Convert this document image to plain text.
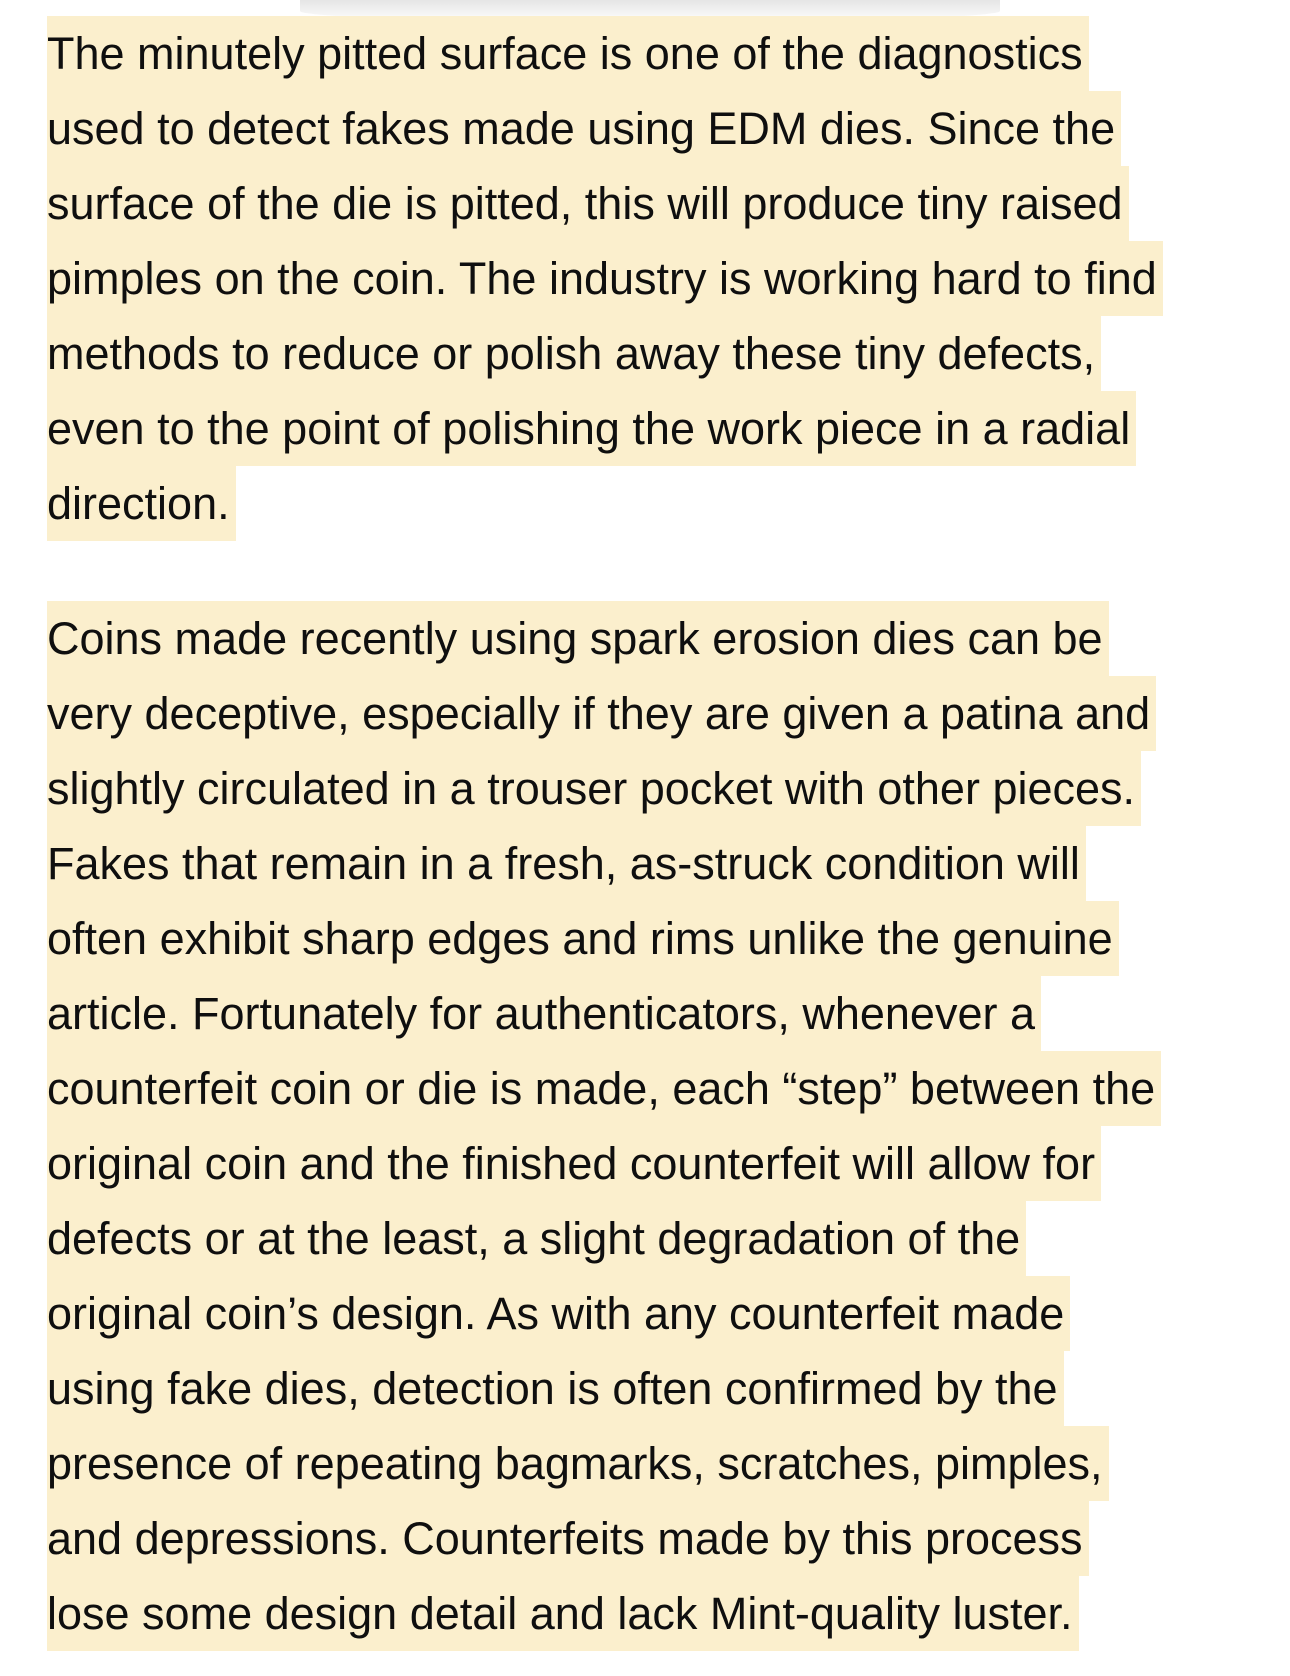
The minutely pitted surface is one of the diagnostics
used to detect fakes made using EDM dies. Since the
surface of the die is pitted, this will produce tiny raised
pimples on the coin. The industry is working hard to find
methods to reduce or polish away these tiny defects,
even to the point of polishing the work piece in a radial
direction.
Coins made recently using spark erosion dies can be
very deceptive, especially if they are given a patina and
slightly circulated in a trouser pocket with other pieces.
Fakes that remain in a fresh, as-struck condition will
often exhibit sharp edges and rims unlike the genuine
article. Fortunately for authenticators, whenever a
counterfeit coin or die is made, each “step” between the
original coin and the finished counterfeit will allow for
defects or at the least, a slight degradation of the
original coin’s design. As with any counterfeit made
using fake dies, detection is often confirmed by the
presence of repeating bagmarks, scratches, pimples,
and depressions. Counterfeits made by this process
lose some design detail and lack Mint-quality luster.
